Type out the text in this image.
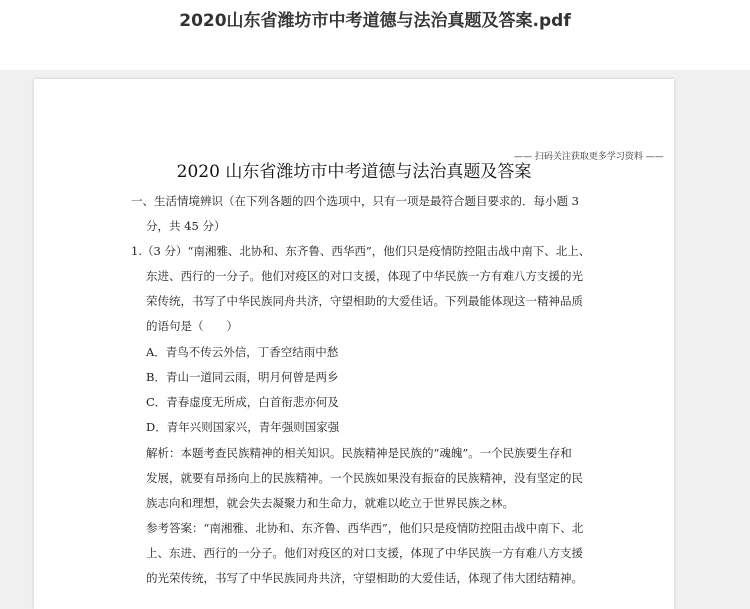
2020山东省潍坊市中考道德与法治真题及答案.pdf
—— 扫码关注获取更多学习资料 ——
2020 山东省潍坊市中考道德与法治真题及答案
一、生活情境辨识（在下列各题的四个选项中，只有一项是最符合题目要求的．每小题 3
分，共 45 分）
1.（3 分）“南湘雅、北协和、东齐鲁、西华西”，他们只是疫情防控阻击战中南下、北上、
东进、西行的一分子。他们对疫区的对口支援，体现了中华民族一方有难八方支援的光
荣传统，书写了中华民族同舟共济，守望相助的大爱佳话。下列最能体现这一精神品质
的语句是（　　）
A．青鸟不传云外信，丁香空结雨中愁
B．青山一道同云雨，明月何曾是两乡
C．青春虚度无所成，白首衔悲亦何及
D．青年兴则国家兴，青年强则国家强
解析：本题考查民族精神的相关知识。民族精神是民族的“魂魄”。一个民族要生存和
发展，就要有昂扬向上的民族精神。一个民族如果没有振奋的民族精神，没有坚定的民
族志向和理想，就会失去凝聚力和生命力，就难以屹立于世界民族之林。
参考答案：“南湘雅、北协和、东齐鲁、西华西”，他们只是疫情防控阻击战中南下、北
上、东进、西行的一分子。他们对疫区的对口支援，体现了中华民族一方有难八方支援
的光荣传统，书写了中华民族同舟共济，守望相助的大爱佳话，体现了伟大团结精神。
